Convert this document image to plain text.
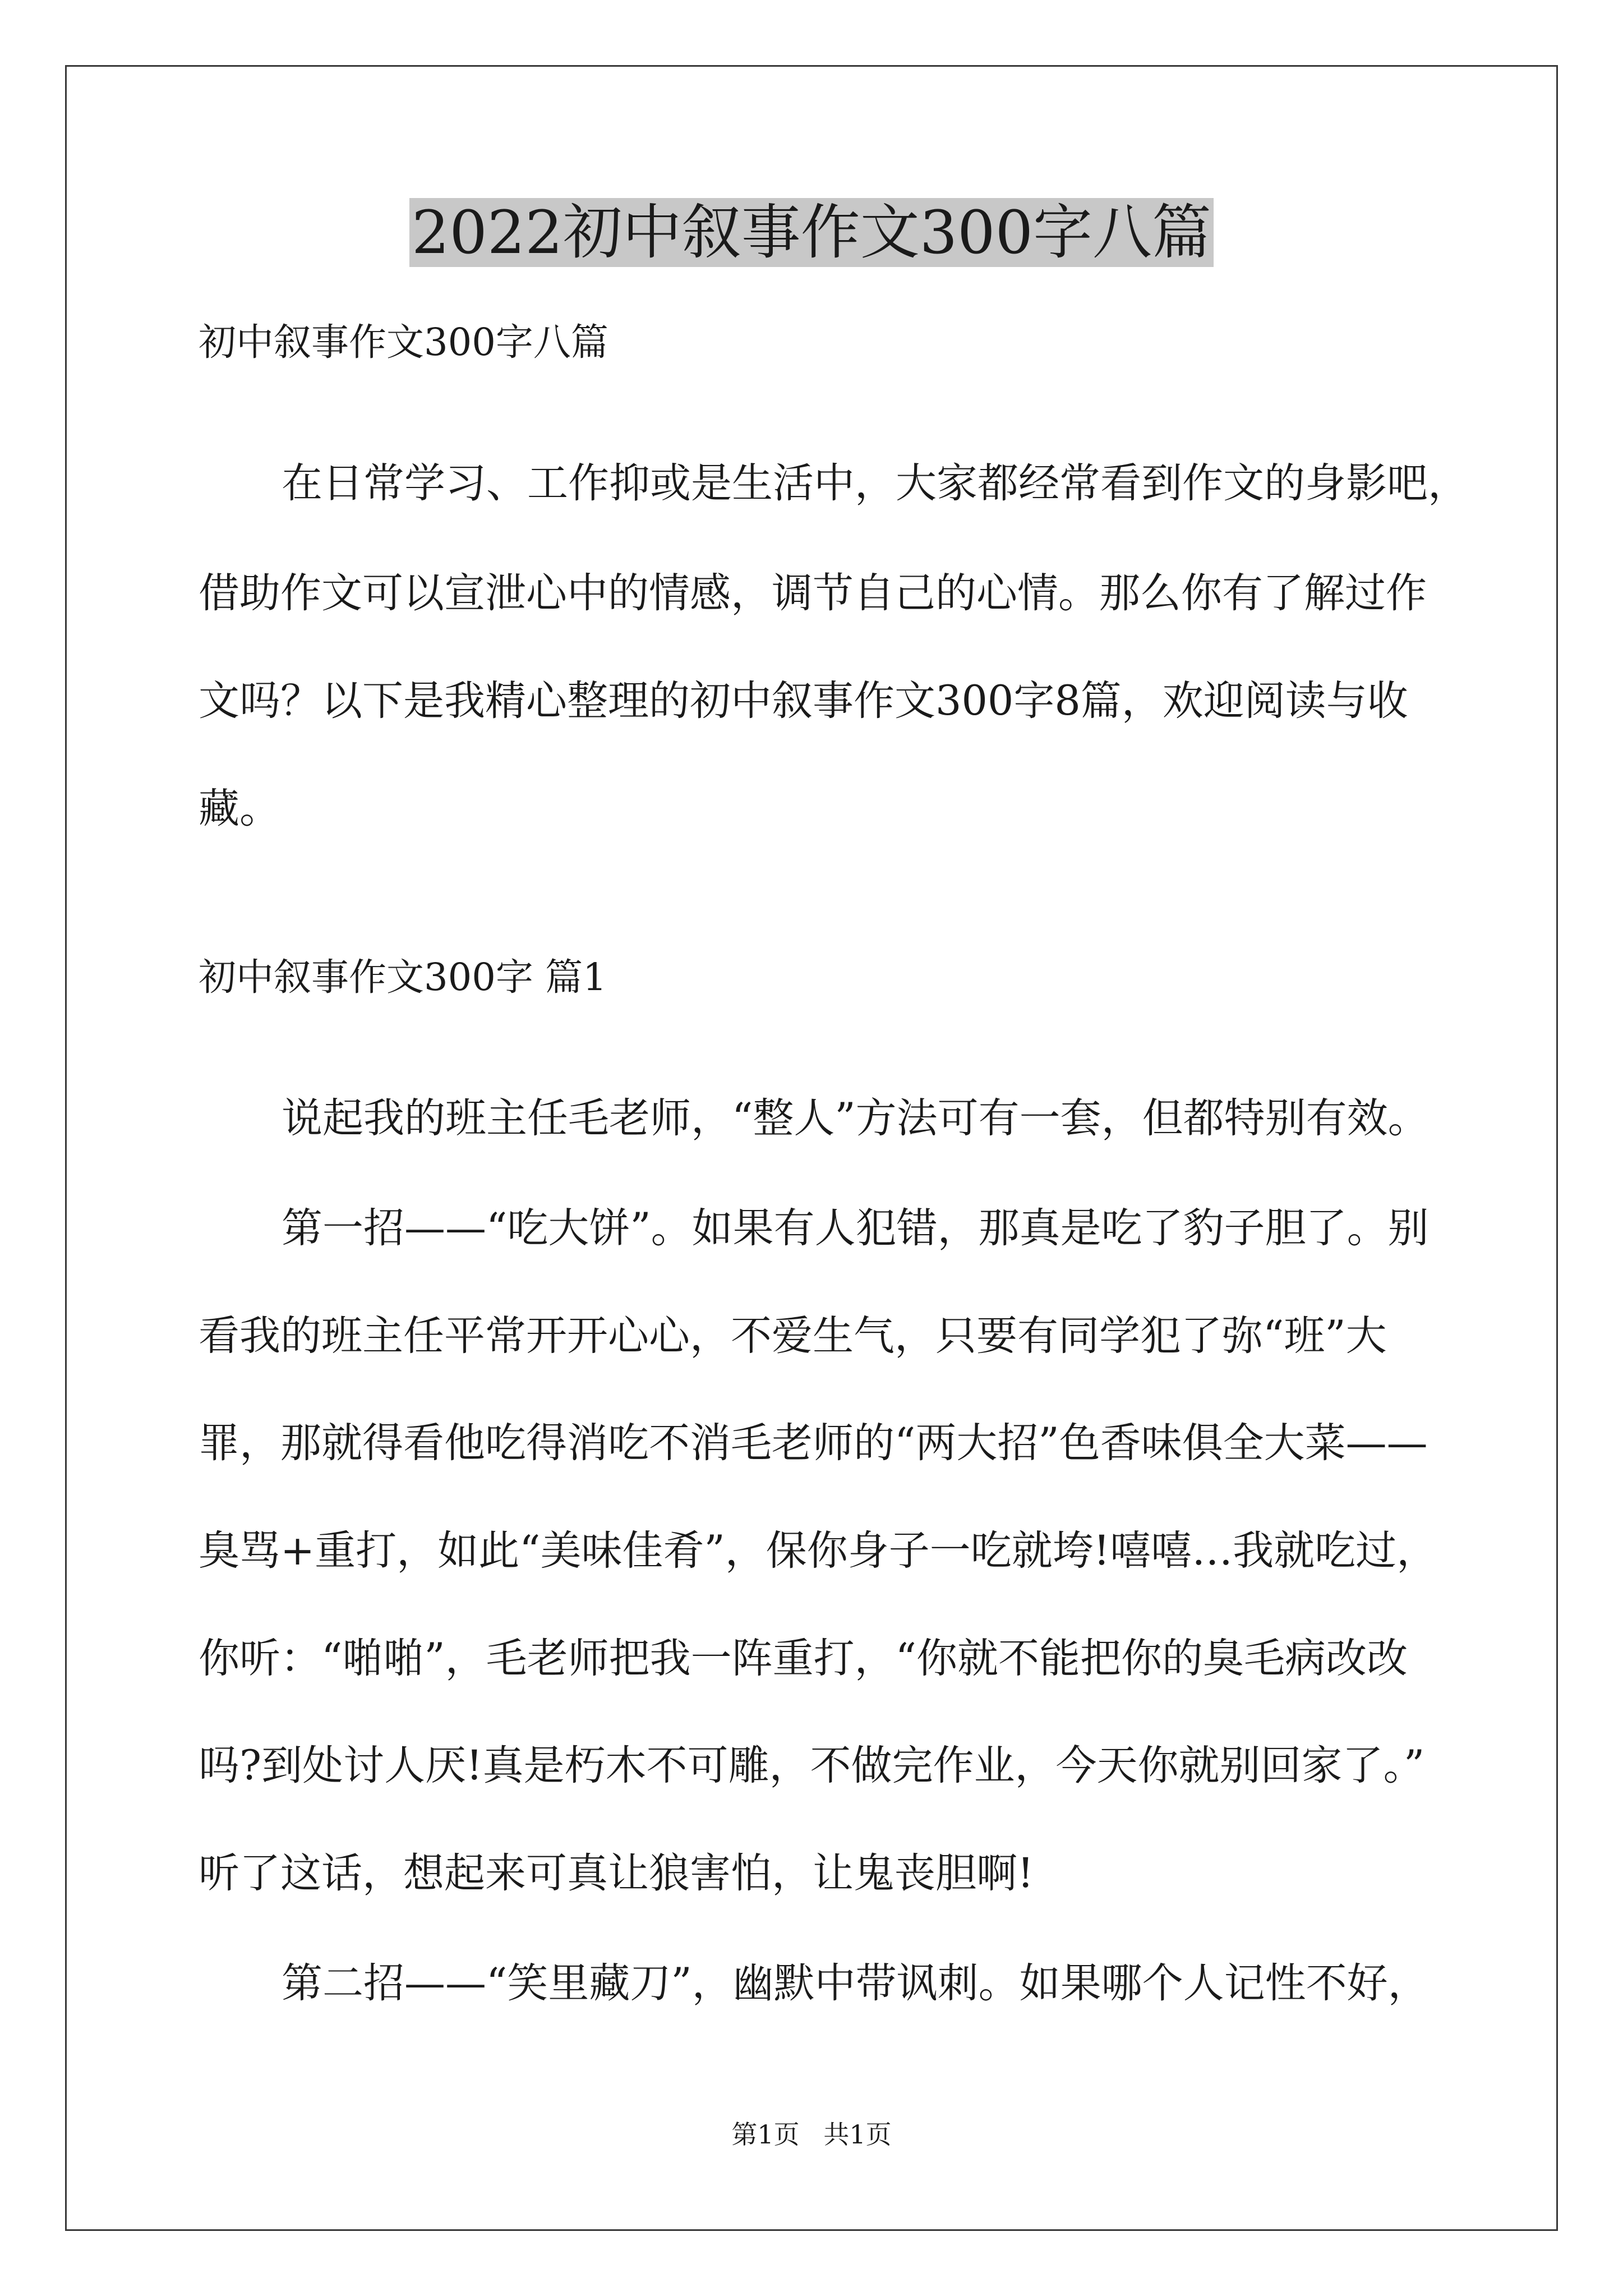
2022初中叙事作文300字八篇

初中叙事作文300字八篇

在日常学习、工作抑或是生活中，大家都经常看到作文的身影吧，

借助作文可以宣泄心中的情感，调节自己的心情。那么你有了解过作

文吗？以下是我精心整理的初中叙事作文300字8篇，欢迎阅读与收

藏。

初中叙事作文300字 篇1

说起我的班主任毛老师，“整人”方法可有一套，但都特别有效。

第一招——“吃大饼”。如果有人犯错，那真是吃了豹子胆了。别

看我的班主任平常开开心心，不爱生气，只要有同学犯了弥“班”大

罪，那就得看他吃得消吃不消毛老师的“两大招”色香味俱全大菜——

臭骂+重打，如此“美味佳肴”，保你身子一吃就垮!嘻嘻…我就吃过，

你听：“啪啪”，毛老师把我一阵重打，“你就不能把你的臭毛病改改

吗?到处讨人厌!真是朽木不可雕，不做完作业，今天你就别回家了。”

听了这话，想起来可真让狼害怕，让鬼丧胆啊!

第二招——“笑里藏刀”，幽默中带讽刺。如果哪个人记性不好，

第1页 共1页
